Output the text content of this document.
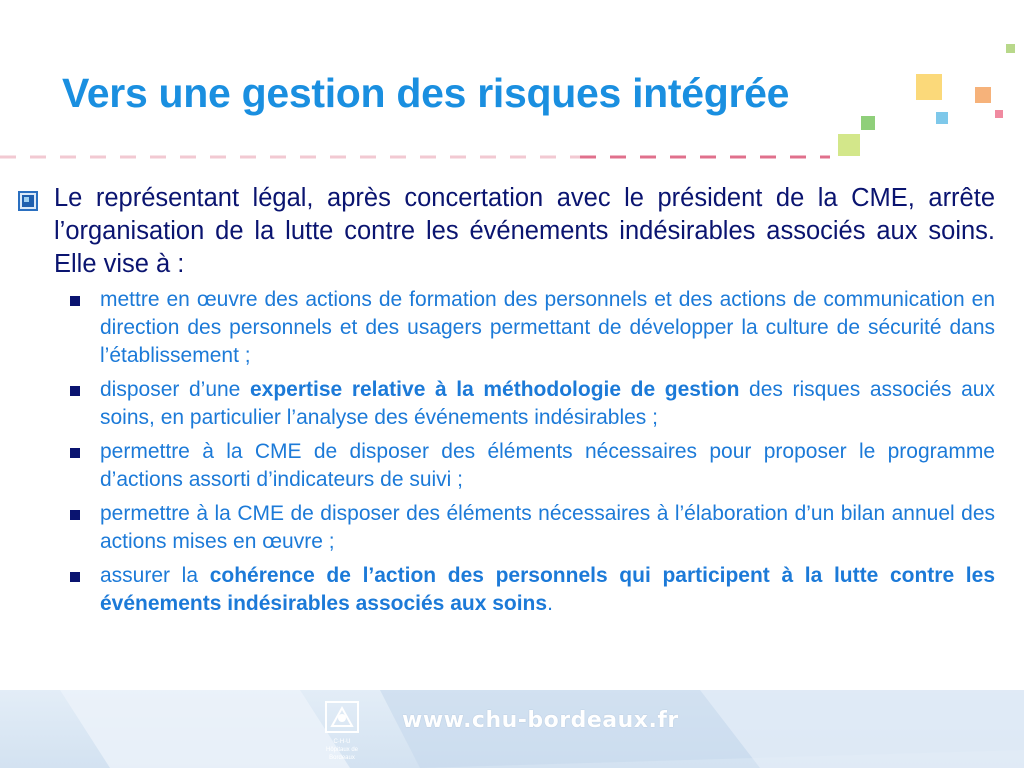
Vers une gestion des risques intégrée
Le représentant légal, après concertation avec le président de la CME, arrête l’organisation de la lutte contre les événements indésirables associés aux soins. Elle vise à :
mettre en œuvre des actions de formation des personnels et des actions de communication en direction des personnels et des usagers permettant de développer la culture de sécurité dans l’établissement ;
disposer d’une expertise relative à la méthodologie de gestion des risques associés aux soins, en particulier l’analyse des événements indésirables ;
permettre à la CME de disposer des éléments nécessaires pour proposer le programme d’actions assorti d’indicateurs de suivi ;
permettre à la CME de disposer des éléments nécessaires à l’élaboration d’un bilan annuel des actions mises en œuvre ;
assurer la cohérence de l’action des personnels qui participent à la lutte contre les événements indésirables associés aux soins.
C·H·U
Hôpitaux de Bordeaux
www.chu-bordeaux.fr
